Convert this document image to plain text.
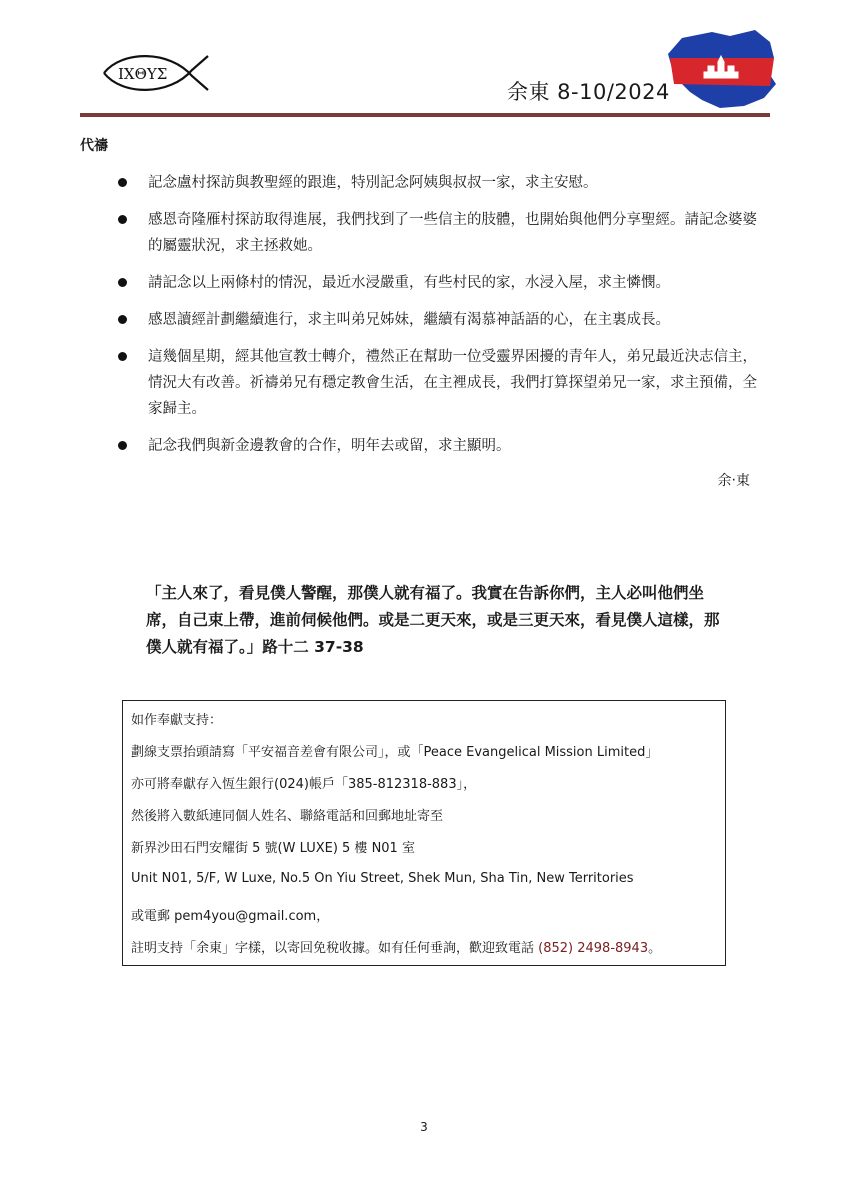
ΙΧΘΥΣ
余東 8-10/2024
代禱
記念盧村探訪與教聖經的跟進，特別記念阿姨與叔叔一家，求主安慰。
感恩奇隆雁村探訪取得進展，我們找到了一些信主的肢體，也開始與他們分享聖經。請記念婆婆的屬靈狀況，求主拯救她。
請記念以上兩條村的情況，最近水浸嚴重，有些村民的家，水浸入屋，求主憐憫。
感恩讀經計劃繼續進行，求主叫弟兄姊妹，繼續有渴慕神話語的心，在主裏成長。
這幾個星期，經其他宣教士轉介，禮然正在幫助一位受靈界困擾的青年人，弟兄最近決志信主，情況大有改善。祈禱弟兄有穩定教會生活，在主裡成長，我們打算探望弟兄一家，求主預備，全家歸主。
記念我們與新金邊教會的合作，明年去或留，求主顯明。
余‧東
「主人來了，看見僕人警醒，那僕人就有福了。我實在告訴你們，主人必叫他們坐席，自己束上帶，進前伺候他們。或是二更天來，或是三更天來，看見僕人這樣，那僕人就有福了。」路十二 37-38
如作奉獻支持：
劃線支票抬頭請寫「平安福音差會有限公司」，或「Peace Evangelical Mission Limited」
亦可將奉獻存入恆生銀行(024)帳戶「385-812318-883」，
然後將入數紙連同個人姓名、聯絡電話和回郵地址寄至
新界沙田石門安耀街 5 號(W LUXE) 5 樓 N01 室
Unit N01, 5/F, W Luxe, No.5 On Yiu Street, Shek Mun, Sha Tin, New Territories
或電郵 pem4you@gmail.com，
註明支持「余東」字樣，以寄回免稅收據。如有任何垂詢，歡迎致電話 (852) 2498-8943。
3
